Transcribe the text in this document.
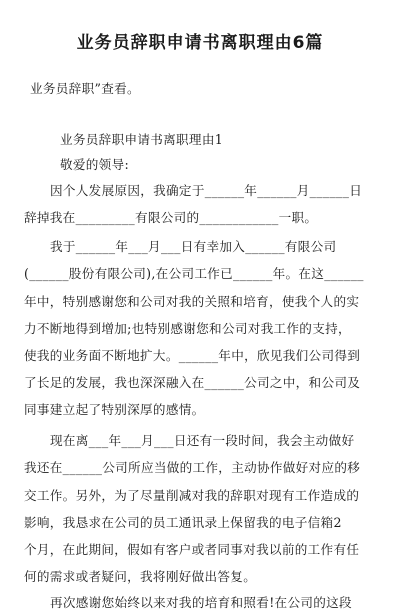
业务员辞职申请书离职理由6篇
业务员辞职”查看。
业务员辞职申请书离职理由1
敬爱的领导:
因个人发展原因，我确定于______年______月______日
辞掉我在_________有限公司的____________一职。
我于______年___月___日有幸加入______有限公司
(______股份有限公司),在公司工作已______年。在这______
年中，特别感谢您和公司对我的关照和培育，使我个人的实
力不断地得到增加;也特别感谢您和公司对我工作的支持，
使我的业务面不断地扩大。______年中，欣见我们公司得到
了长足的发展，我也深深融入在______公司之中，和公司及
同事建立起了特别深厚的感情。
现在离___年___月___日还有一段时间，我会主动做好
我还在______公司所应当做的工作，主动协作做好对应的移
交工作。另外，为了尽量削减对我的辞职对现有工作造成的
影响，我恳求在公司的员工通讯录上保留我的电子信箱2
个月，在此期间，假如有客户或者同事对我以前的工作有任
何的需求或者疑问，我将刚好做出答复。
再次感谢您始终以来对我的培育和照看!在公司的这段
